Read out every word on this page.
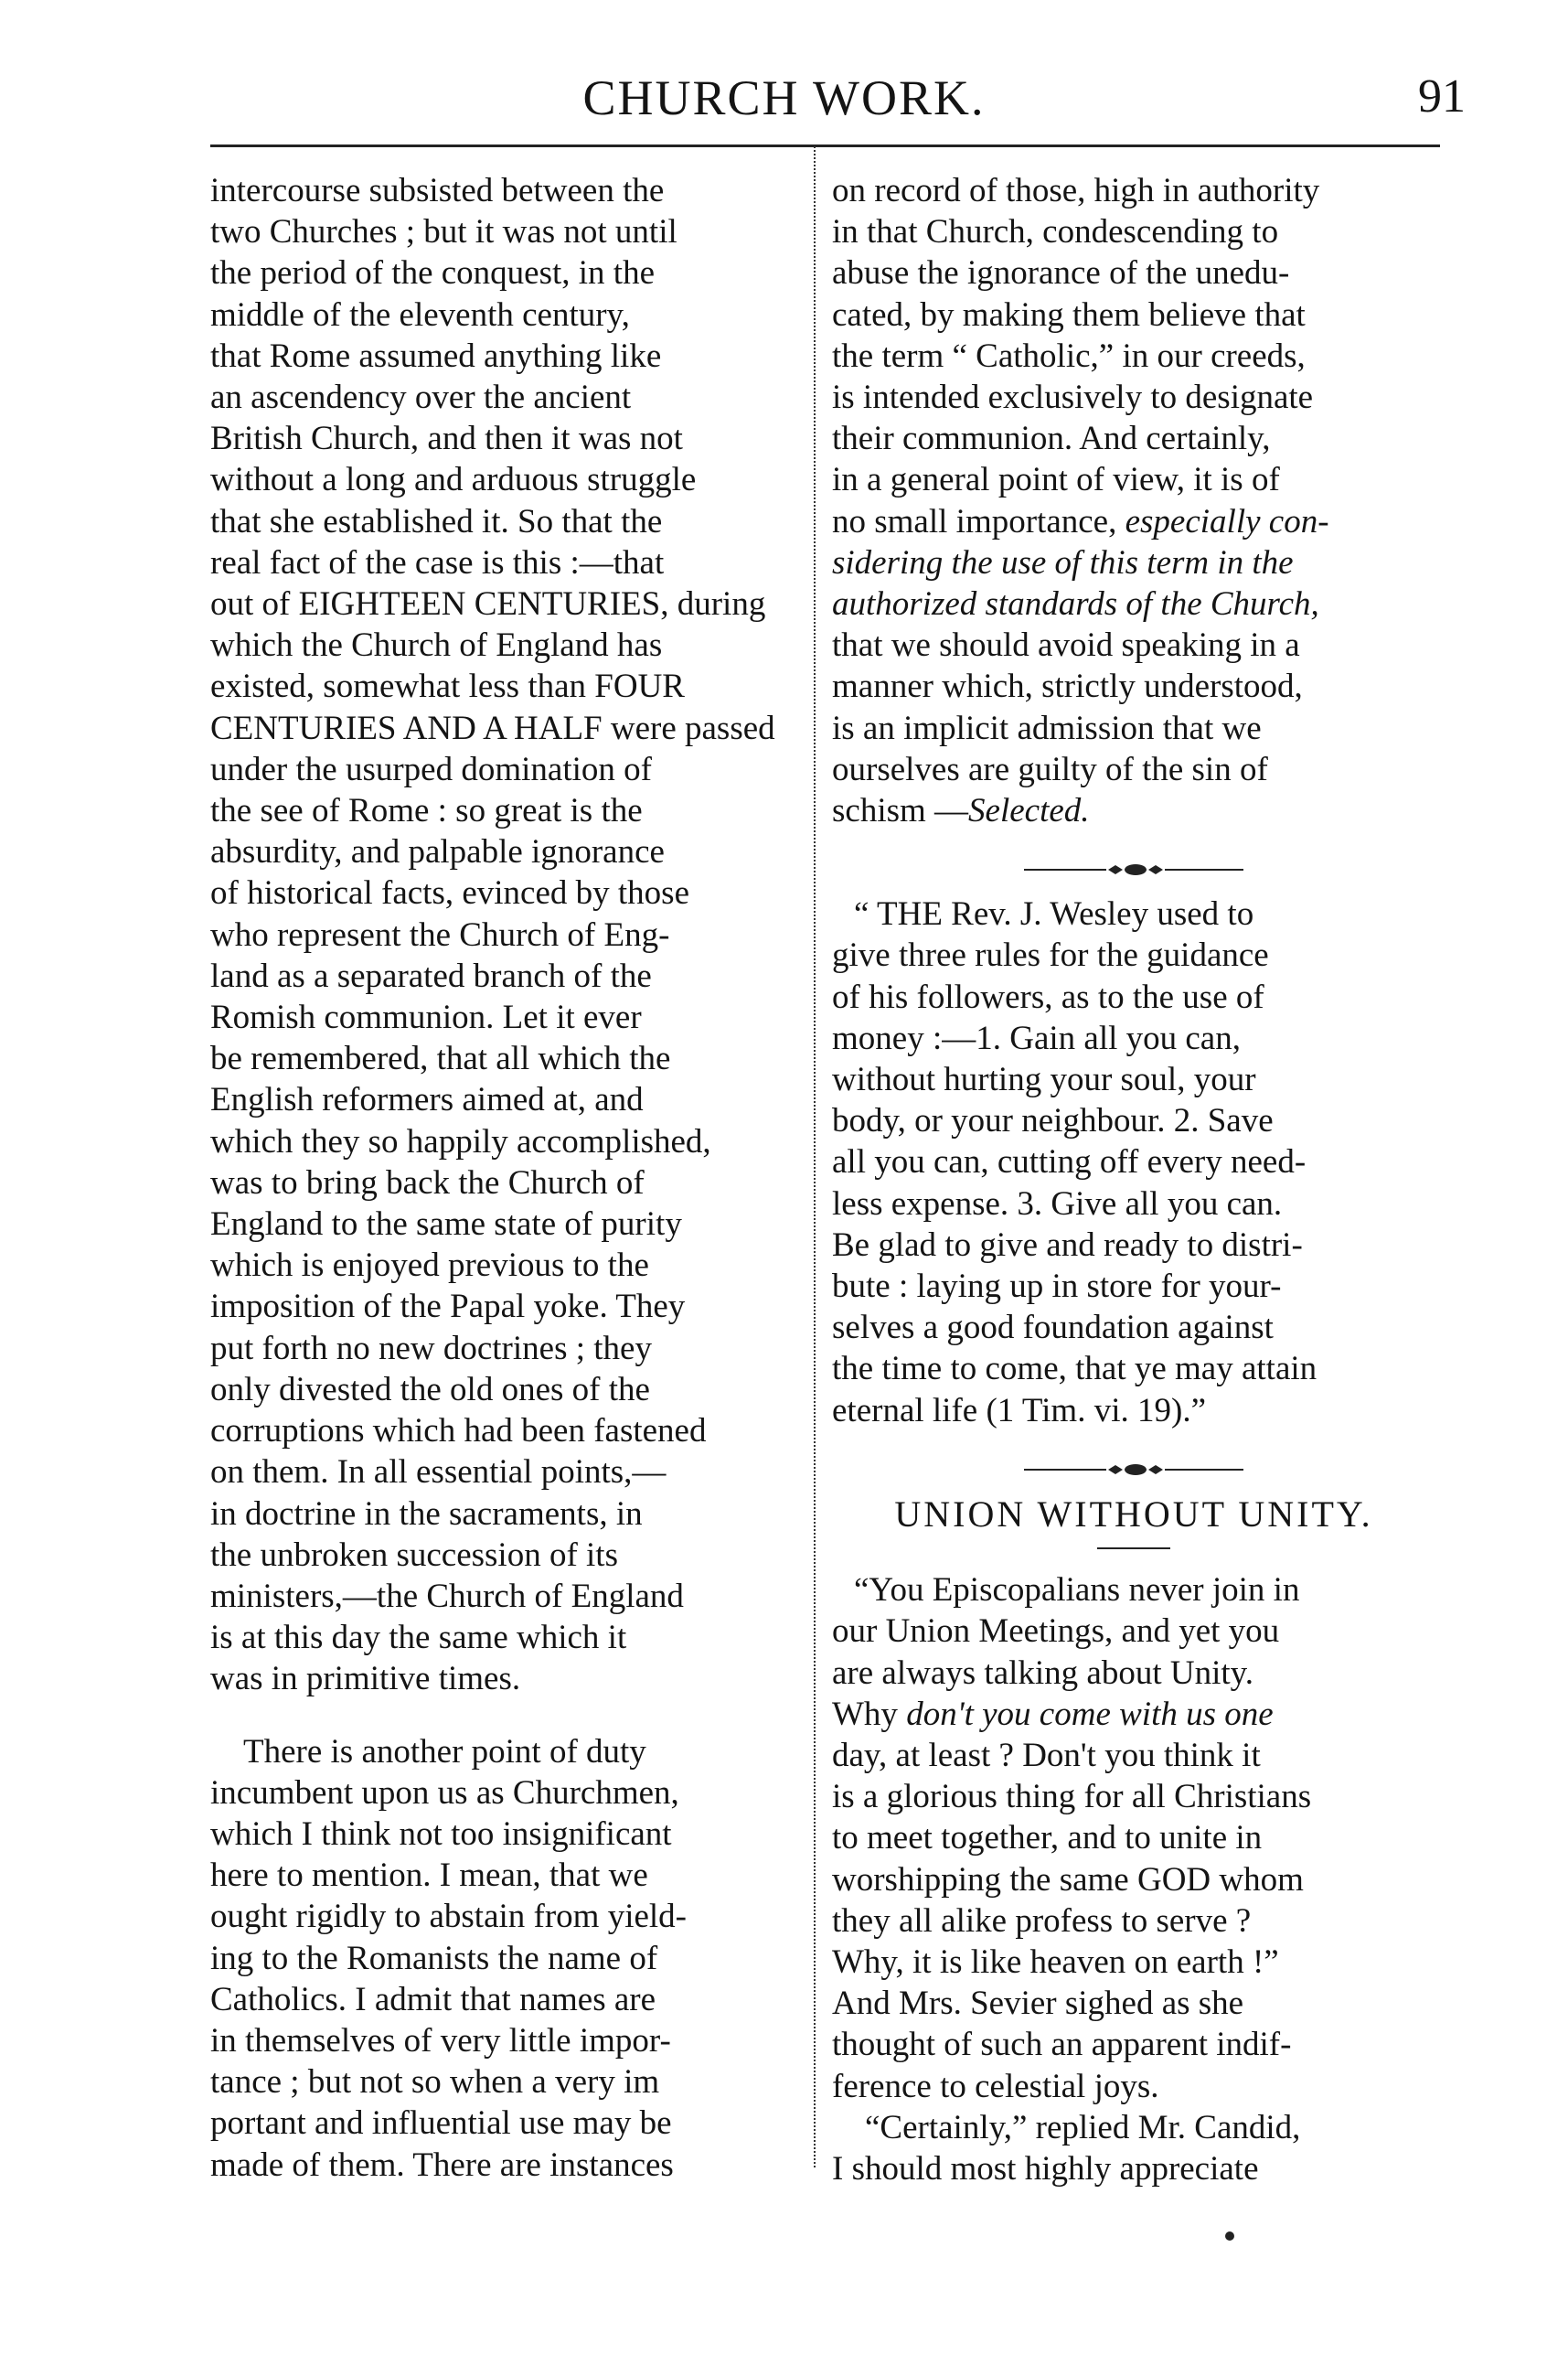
CHURCH WORK.	91
intercourse subsisted between the
two Churches ; but it was not until
the period of the conquest, in the
middle of the eleventh century,
that Rome assumed anything like
an ascendency over the ancient
British Church, and then it was not
without a long and arduous struggle
that she established it. So that the
real fact of the case is this :—that
out of EIGHTEEN CENTURIES, during
which the Church of England has
existed, somewhat less than FOUR
CENTURIES AND A HALF were passed
under the usurped domination of
the see of Rome : so great is the
absurdity, and palpable ignorance
of historical facts, evinced by those
who represent the Church of Eng-
land as a separated branch of the
Romish communion. Let it ever
be remembered, that all which the
English reformers aimed at, and
which they so happily accomplished,
was to bring back the Church of
England to the same state of purity
which is enjoyed previous to the
imposition of the Papal yoke. They
put forth no new doctrines ; they
only divested the old ones of the
corruptions which had been fastened
on them. In all essential points,—
in doctrine in the sacraments, in
the unbroken succession of its
ministers,—the Church of England
is at this day the same which it
was in primitive times.
There is another point of duty
incumbent upon us as Churchmen,
which I think not too insignificant
here to mention. I mean, that we
ought rigidly to abstain from yield-
ing to the Romanists the name of
Catholics. I admit that names are
in themselves of very little impor-
tance ; but not so when a very im
portant and influential use may be
made of them. There are instances
on record of those, high in authority
in that Church, condescending to
abuse the ignorance of the unedu-
cated, by making them believe that
the term “ Catholic,” in our creeds,
is intended exclusively to designate
their communion. And certainly,
in a general point of view, it is of
no small importance, especially con-
sidering the use of this term in the
authorized standards of the Church,
that we should avoid speaking in a
manner which, strictly understood,
is an implicit admission that we
ourselves are guilty of the sin of
schism —Selected.
“ THE Rev. J. Wesley used to
give three rules for the guidance
of his followers, as to the use of
money :—1. Gain all you can,
without hurting your soul, your
body, or your neighbour. 2. Save
all you can, cutting off every need-
less expense. 3. Give all you can.
Be glad to give and ready to distri-
bute : laying up in store for your-
selves a good foundation against
the time to come, that ye may attain
eternal life (1 Tim. vi. 19).”
UNION WITHOUT UNITY.
“You Episcopalians never join in
our Union Meetings, and yet you
are always talking about Unity.
Why don't you come with us one
day, at least ? Don't you think it
is a glorious thing for all Christians
to meet together, and to unite in
worshipping the same GOD whom
they all alike profess to serve ?
Why, it is like heaven on earth !”
And Mrs. Sevier sighed as she
thought of such an apparent indif-
ference to celestial joys.
“Certainly,” replied Mr. Candid,
I should most highly appreciate
